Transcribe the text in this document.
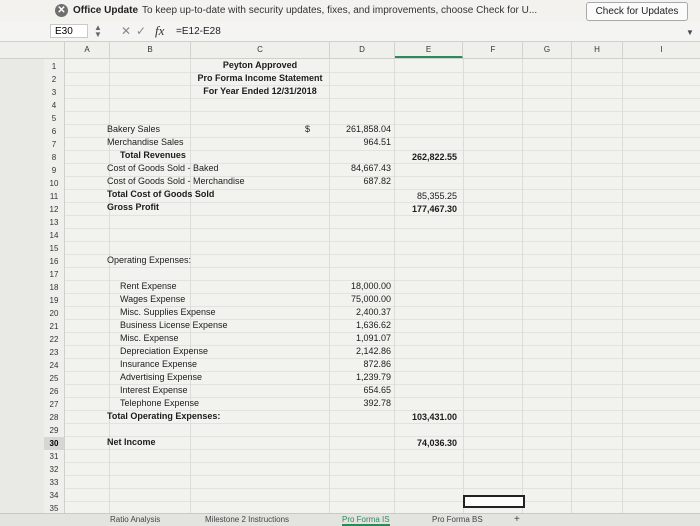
✕ Office Update To keep up-to-date with security updates, fixes, and improvements, choose Check for U...	Check for Updates
E30	▲
▼ ✕ ✓ fx =E12-E28	▼
A	B	C	D	E	F	G	H	I
1
2
3
4
5
6
7
8
9
10
11
12
13
14
15
16
17
18
19
20
21
22
23
24
25
26
27
28
29
30
31
32
33
34
35
Peyton Approved
Pro Forma Income Statement
For Year Ended 12/31/2018
Bakery Sales	$	261,858.04
Merchandise Sales	964.51
Total Revenues	262,822.55
Cost of Goods Sold - Baked	84,667.43
Cost of Goods Sold - Merchandise	687.82
Total Cost of Goods Sold	85,355.25
Gross Profit	177,467.30
Operating Expenses:
Rent Expense	18,000.00
Wages Expense	75,000.00
Misc. Supplies Expense	2,400.37
Business License Expense	1,636.62
Misc. Expense	1,091.07
Depreciation Expense	2,142.86
Insurance Expense	872.86
Advertising Expense	1,239.79
Interest Expense	654.65
Telephone Expense	392.78
Total Operating Expenses:	103,431.00
Net Income	74,036.30
Ratio Analysis	Milestone 2 Instructions	Pro Forma IS	Pro Forma BS	+
